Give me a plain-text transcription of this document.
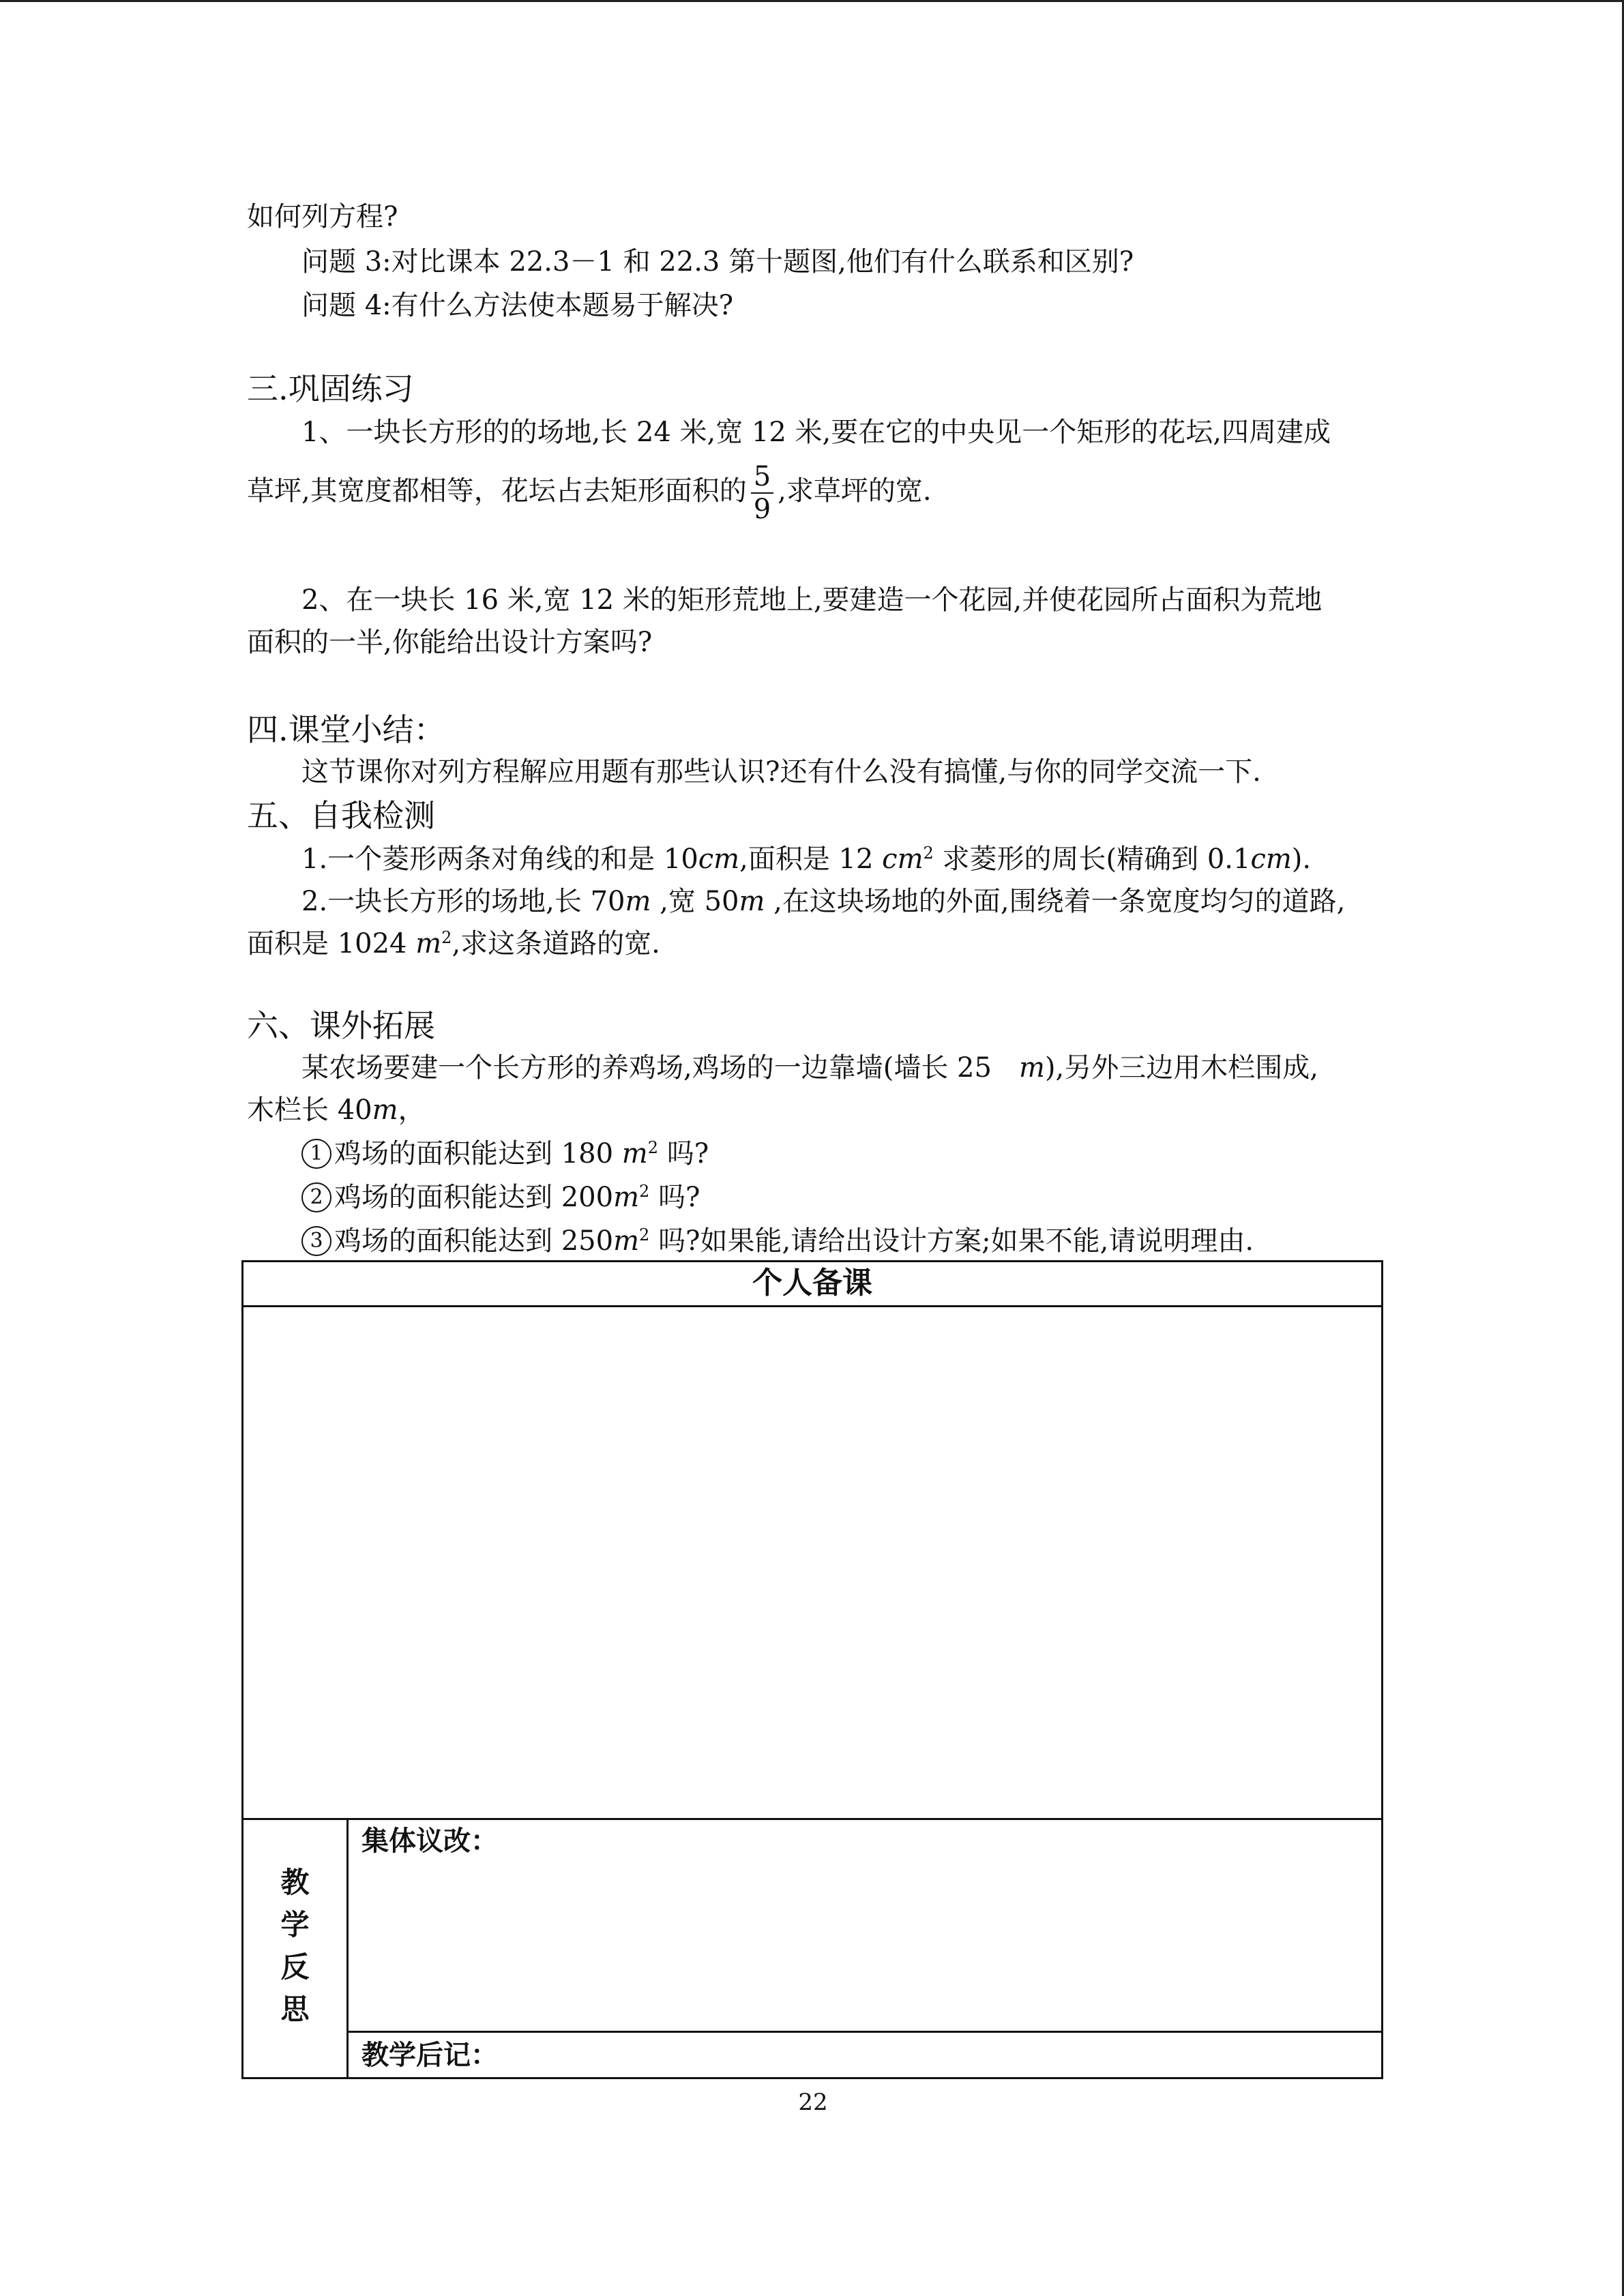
如何列方程?
问题 3:对比课本 22.3－1 和 22.3 第十题图,他们有什么联系和区别?
问题 4:有什么方法使本题易于解决?
三.巩固练习
1、一块长方形的的场地,长 24 米,宽 12 米,要在它的中央见一个矩形的花坛,四周建成
草坪,其宽度都相等，花坛占去矩形面积的 $\frac{5}{9}$ ,求草坪的宽.
2、在一块长 16 米,宽 12 米的矩形荒地上,要建造一个花园,并使花园所占面积为荒地
面积的一半,你能给出设计方案吗?
四.课堂小结：
这节课你对列方程解应用题有那些认识?还有什么没有搞懂,与你的同学交流一下.
五、自我检测
1.一个菱形两条对角线的和是 10cm,面积是 12 $cm^2$ 求菱形的周长(精确到 0.1cm).
2.一块长方形的场地,长 70m ,宽 50m ,在这块场地的外面,围绕着一条宽度均匀的道路,
面积是 1024 $m^2$,求这条道路的宽.
六、课外拓展
某农场要建一个长方形的养鸡场,鸡场的一边靠墙(墙长 25　m),另外三边用木栏围成,
木栏长 40m，
1 鸡场的面积能达到 180 $m^2$ 吗?
2 鸡场的面积能达到 $200m^2$ 吗?
3 鸡场的面积能达到 $250m^2$ 吗?如果能,请给出设计方案;如果不能,请说明理由.
个人备课
教
学
反
思
集体议改：
教学后记：
22
